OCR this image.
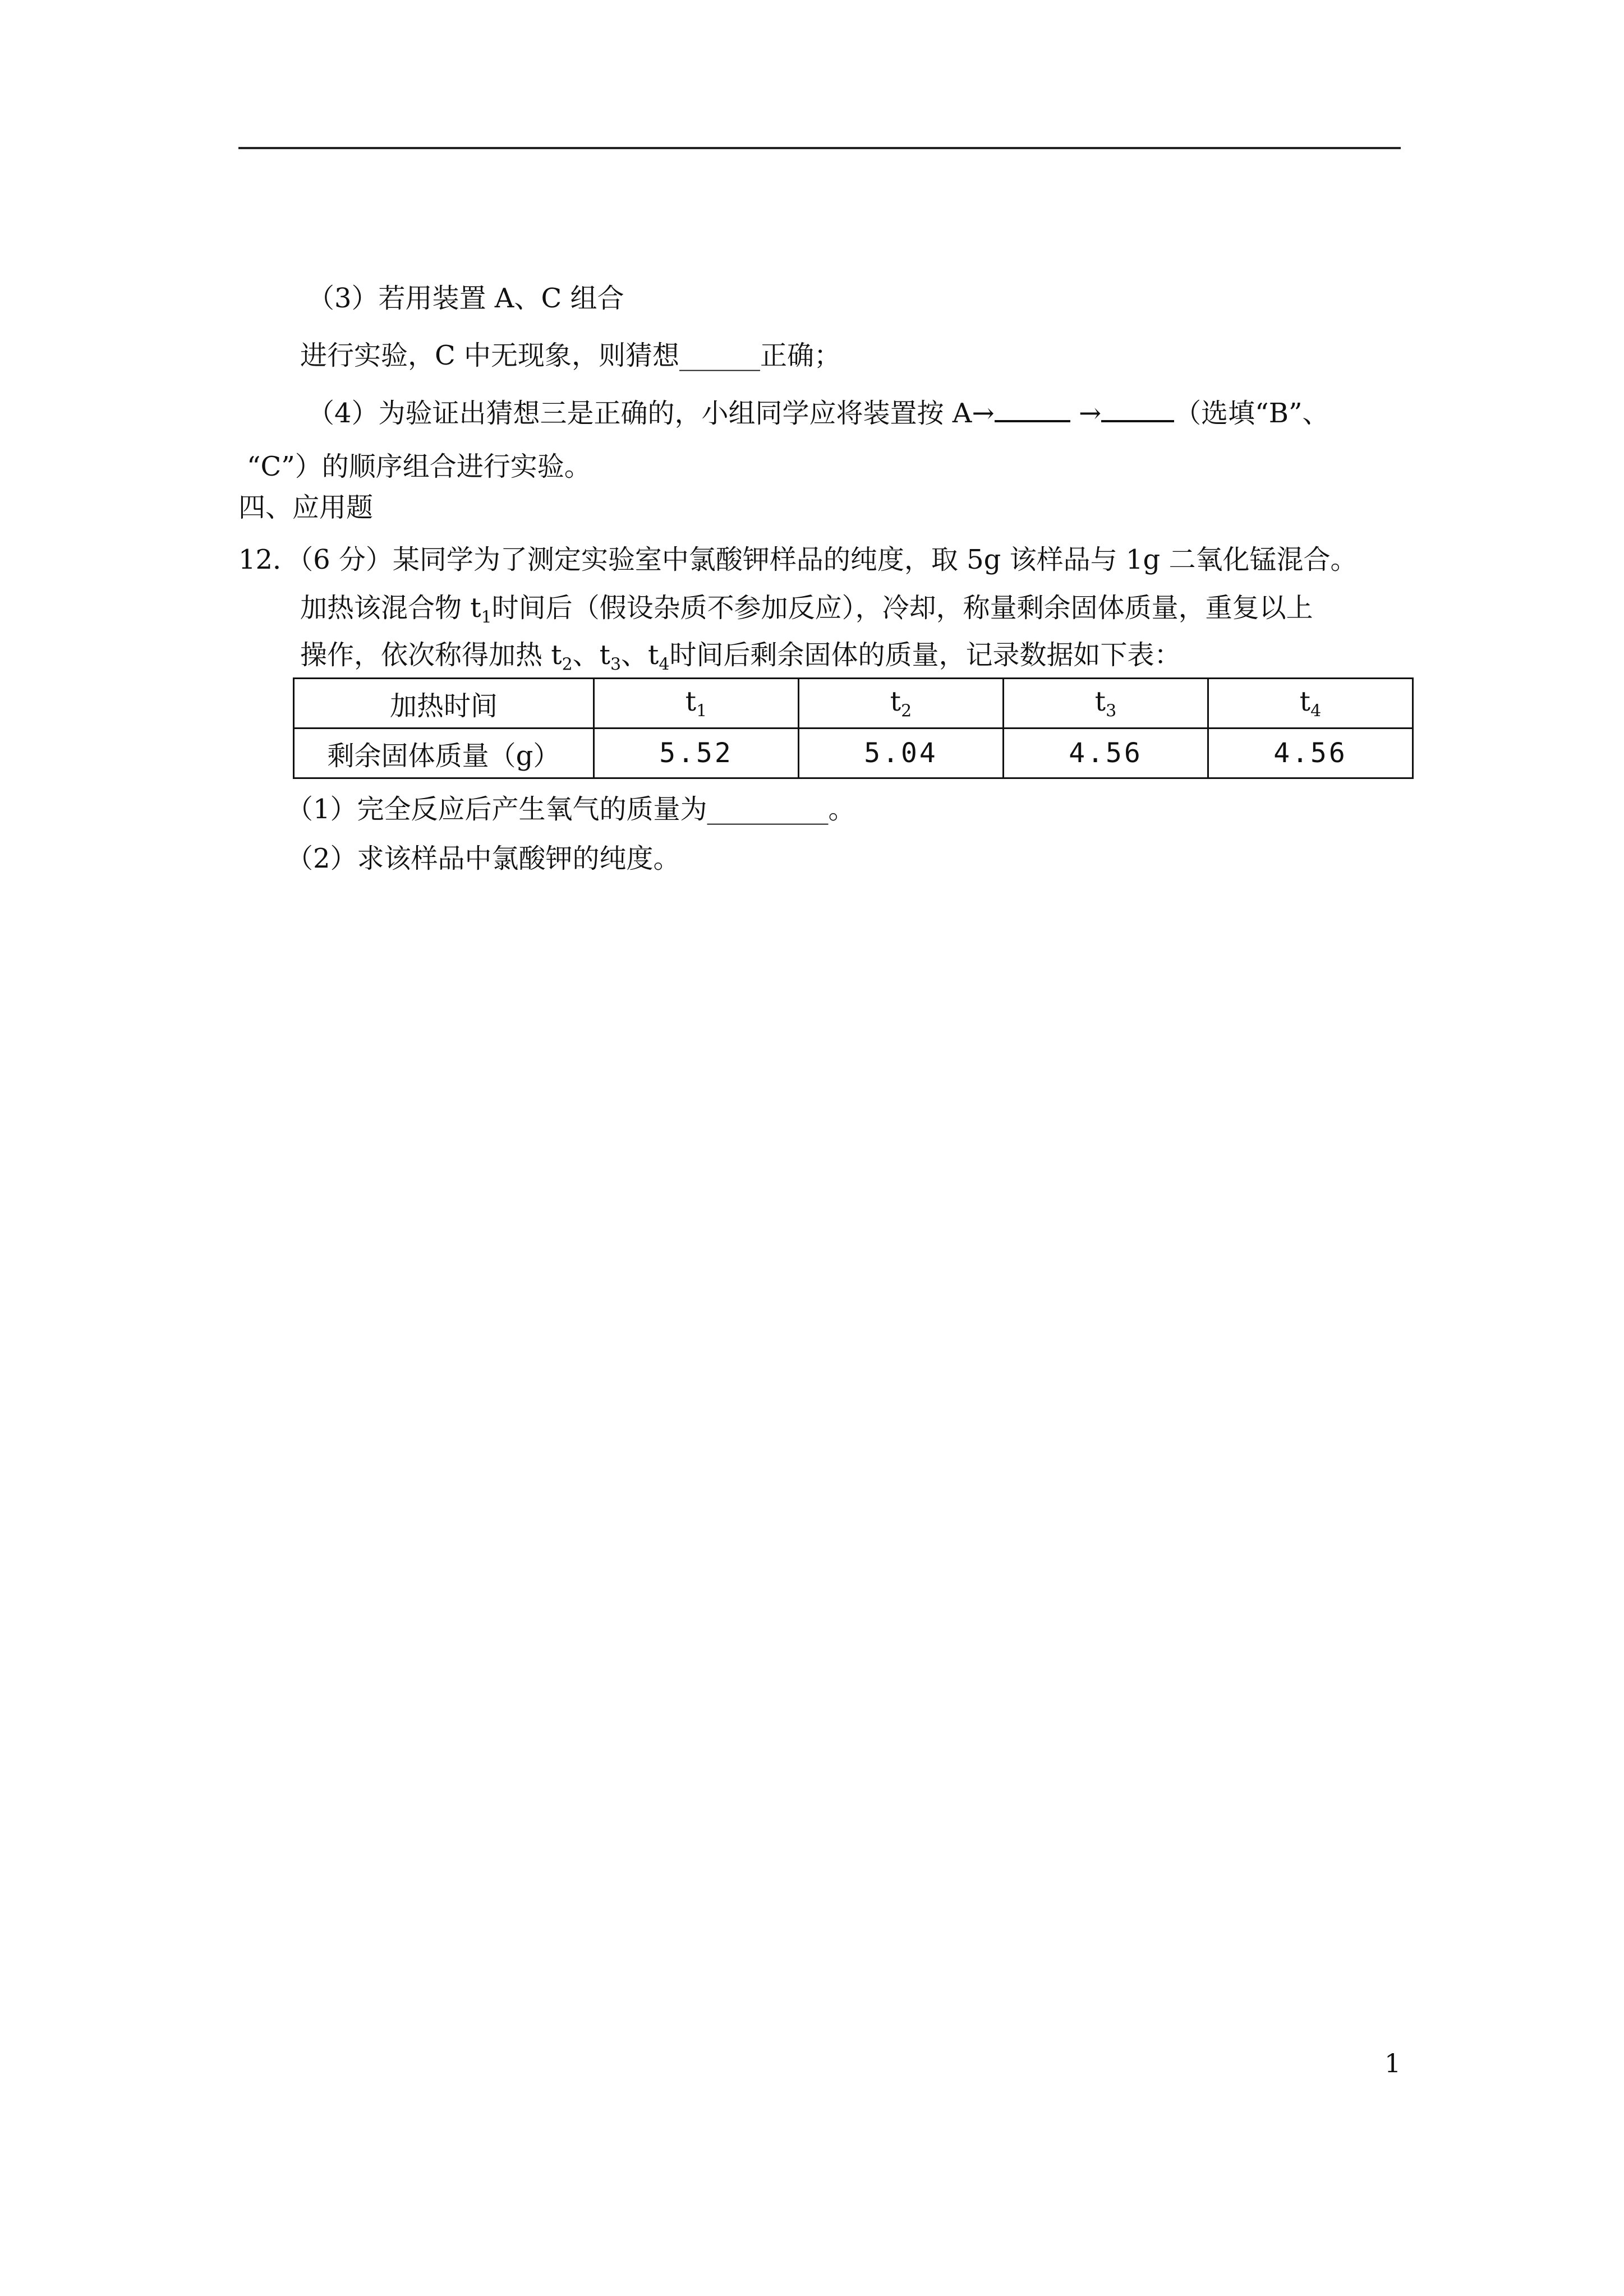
（3）若用装置 A、C 组合
进行实验，C 中无现象，则猜想______正确；
（4）为验证出猜想三是正确的，小组同学应将装置按 A→	→	（选填“B”、
“C”）的顺序组合进行实验。
四、应用题
12．（6 分）某同学为了测定实验室中氯酸钾样品的纯度，取 5g 该样品与 1g 二氧化锰混合。
加热该混合物 $t_1$时间后（假设杂质不参加反应），冷却，称量剩余固体质量，重复以上
操作，依次称得加热 $t_2$、$t_3$、$t_4$时间后剩余固体的质量，记录数据如下表：
加热时间	$t_1$	$t_2$	$t_3$	$t_4$
剩余固体质量（g）	5.52	5.04	4.56	4.56
（1）完全反应后产生氧气的质量为_________。
（2）求该样品中氯酸钾的纯度。
1
